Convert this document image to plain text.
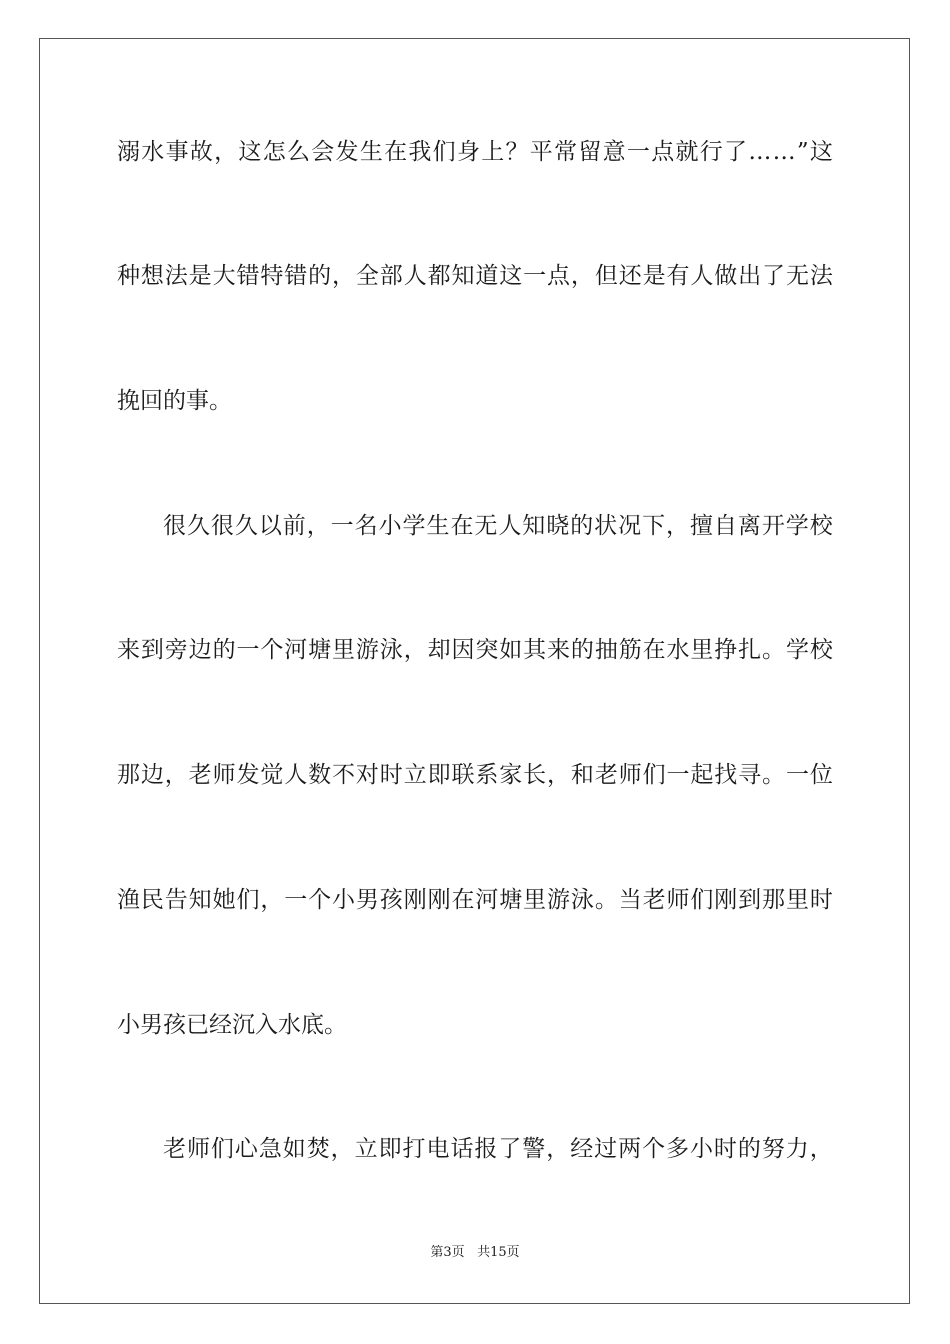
溺 水 事 故 ， 这 怎 么 会 发 生 在 我 们 身 上 ？ 平 常 留 意 一 点 就 行 了 … … ” 这
种 想 法 是 大 错 特 错 的 ， 全 部 人 都 知 道 这 一 点 ， 但 还 是 有 人 做 出 了 无 法
挽回的事。
很 久 很 久 以 前 ， 一 名 小 学 生 在 无 人 知 晓 的 状 况 下 ， 擅 自 离 开 学 校
来 到 旁 边 的 一 个 河 塘 里 游 泳 ， 却 因 突 如 其 来 的 抽 筋 在 水 里 挣 扎 。 学 校
那 边 ， 老 师 发 觉 人 数 不 对 时 立 即 联 系 家 长 ， 和 老 师 们 一 起 找 寻 。 一 位
渔 民 告 知 她 们 ， 一 个 小 男 孩 刚 刚 在 河 塘 里 游 泳 。 当 老 师 们 刚 到 那 里 时
小男孩已经沉入水底。
老 师 们 心 急 如 焚 ， 立 即 打 电 话 报 了 警 ， 经 过 两 个 多 小 时 的 努 力 ，
第3页 共15页
